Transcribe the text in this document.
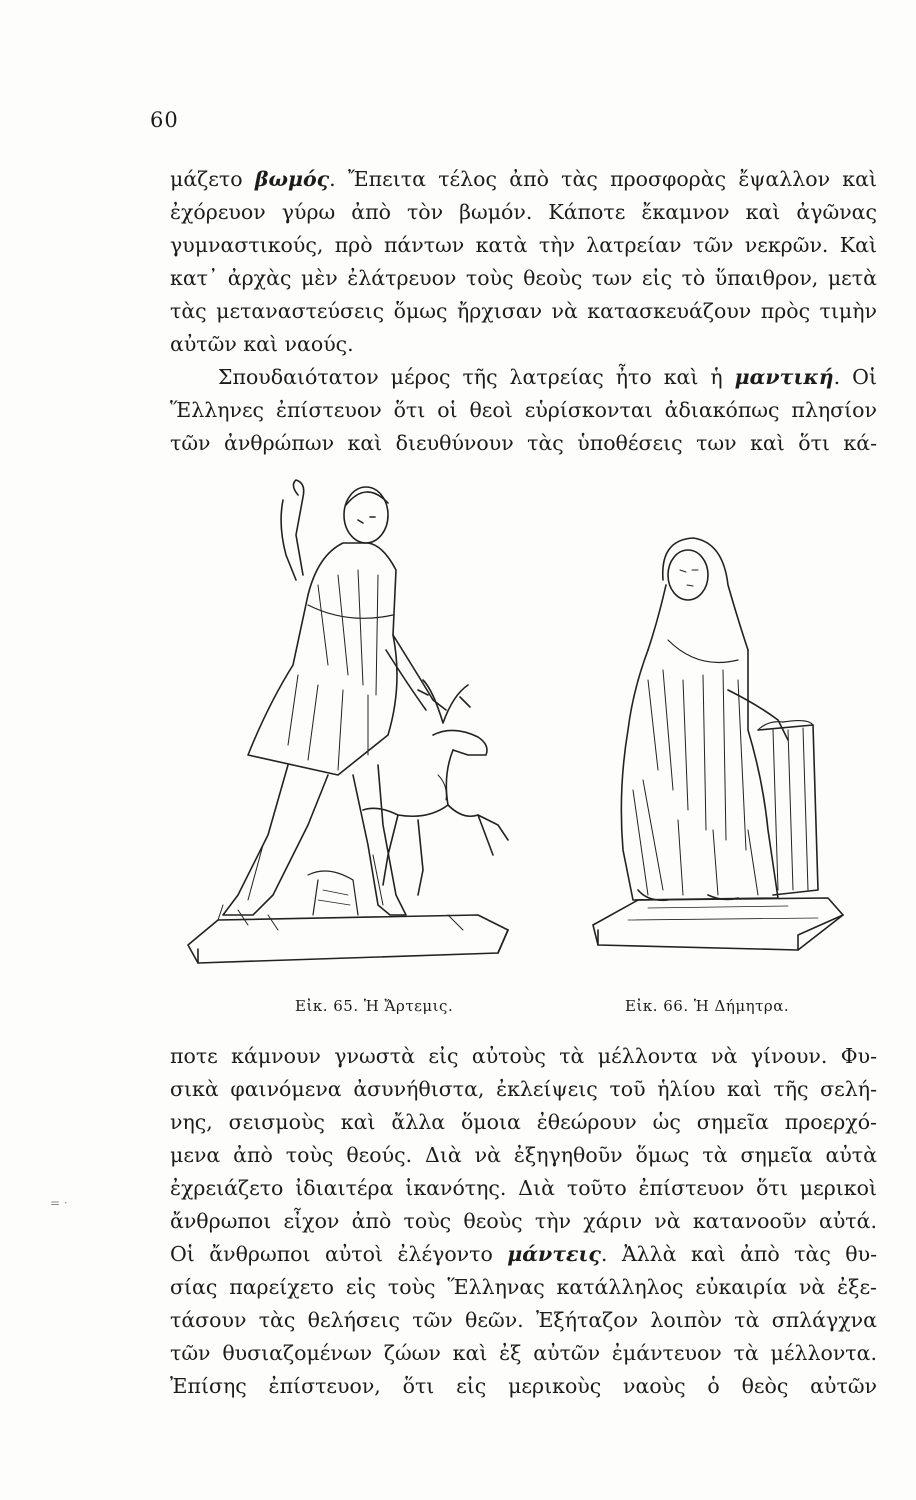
60
μάζετο βωμός. Ἔπειτα τέλος ἀπὸ τὰς προσφορὰς ἔψαλλον καὶ
ἐχόρευον γύρω ἀπὸ τὸν βωμόν. Κάποτε ἔκαμνον καὶ ἀγῶνας
γυμναστικούς, πρὸ πάντων κατὰ τὴν λατρείαν τῶν νεκρῶν. Καὶ
κατ᾽ ἀρχὰς μὲν ἐλάτρευον τοὺς θεοὺς των εἰς τὸ ὕπαιθρον, μετὰ
τὰς μεταναστεύσεις ὅμως ἤρχισαν νὰ κατασκευάζουν πρὸς τιμὴν
αὐτῶν καὶ ναούς.
Σπουδαιότατον μέρος τῆς λατρείας ἦτο καὶ ἡ μαντική. Οἱ
Ἕλληνες ἐπίστευον ὅτι οἱ θεοὶ εὑρίσκονται ἀδιακόπως πλησίον
τῶν ἀνθρώπων καὶ διευθύνουν τὰς ὑποθέσεις των καὶ ὅτι κά-
Εἰκ. 65. Ἡ Ἄρτεμις.	Εἰκ. 66. Ἡ Δήμητρα.
ποτε κάμνουν γνωστὰ εἰς αὐτοὺς τὰ μέλλοντα νὰ γίνουν. Φυ-
σικὰ φαινόμενα ἀσυνήθιστα, ἐκλείψεις τοῦ ἡλίου καὶ τῆς σελή-
νης, σεισμοὺς καὶ ἄλλα ὅμοια ἐθεώρουν ὡς σημεῖα προερχό-
μενα ἀπὸ τοὺς θεούς. Διὰ νὰ ἐξηγηθοῦν ὅμως τὰ σημεῖα αὐτὰ
ἐχρειάζετο ἰδιαιτέρα ἱκανότης. Διὰ τοῦτο ἐπίστευον ὅτι μερικοὶ
ἄνθρωποι εἶχον ἀπὸ τοὺς θεοὺς τὴν χάριν νὰ κατανοοῦν αὐτά.
Οἱ ἄνθρωποι αὐτοὶ ἐλέγοντο μάντεις. Ἀλλὰ καὶ ἀπὸ τὰς θυ-
σίας παρείχετο εἰς τοὺς Ἕλληνας κατάλληλος εὐκαιρία νὰ ἐξε-
τάσουν τὰς θελήσεις τῶν θεῶν. Ἐξήταζον λοιπὸν τὰ σπλάγχνα
τῶν θυσιαζομένων ζώων καὶ ἐξ αὐτῶν ἐμάντευον τὰ μέλλοντα.
Ἐπίσης ἐπίστευον, ὅτι εἰς μερικοὺς ναοὺς ὁ θεὸς αὐτῶν
= ·
